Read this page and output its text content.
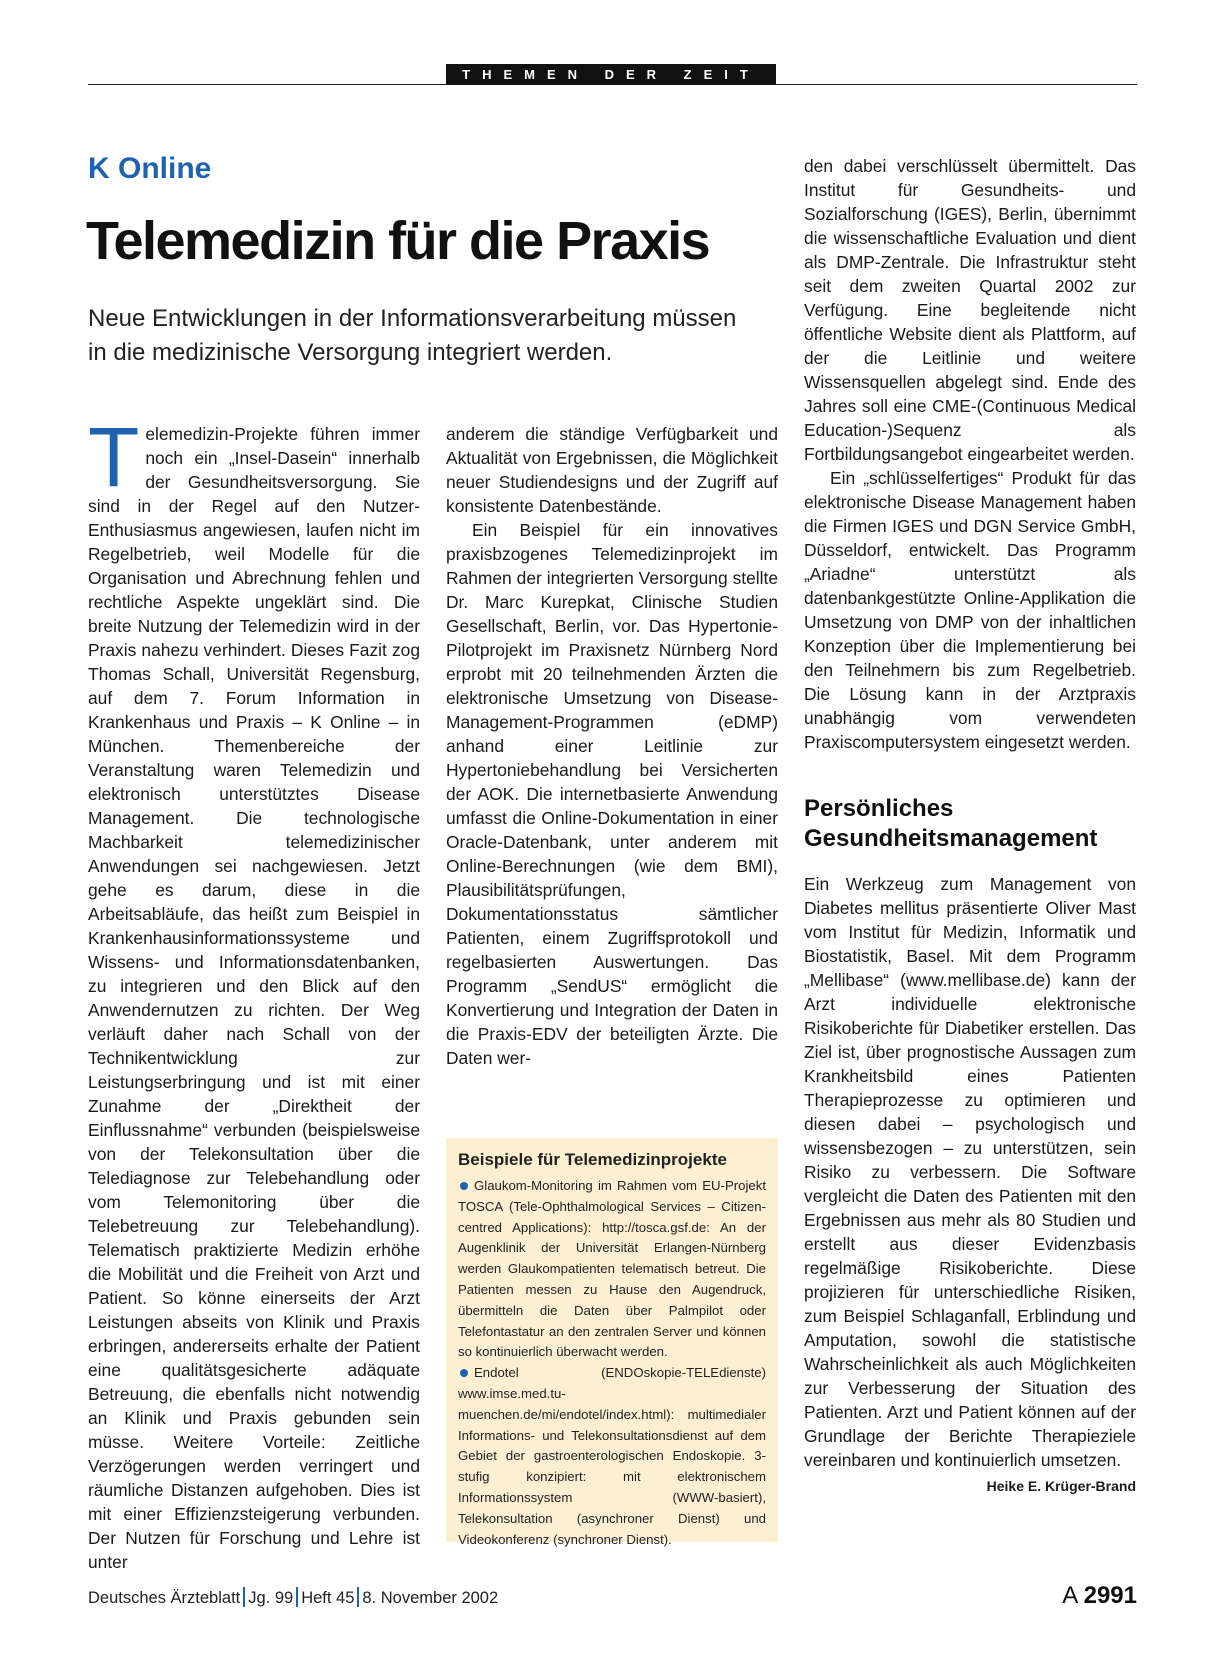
THEMEN DER ZEIT
K Online
Telemedizin für die Praxis
Neue Entwicklungen in der Informationsverarbeitung müssen in die medizinische Versorgung integriert werden.

Telemedizin-Projekte führen immer noch ein „Insel-Dasein“ innerhalb der Gesundheitsversorgung. Sie sind in der Regel auf den Nutzer-Enthusiasmus angewiesen, laufen nicht im Regelbetrieb, weil Modelle für die Organisation und Abrechnung fehlen und rechtliche Aspekte ungeklärt sind. Die breite Nutzung der Telemedizin wird in der Praxis nahezu verhindert. Dieses Fazit zog Thomas Schall, Universität Regensburg, auf dem 7. Forum Information in Krankenhaus und Praxis – K Online – in München. Themenbereiche der Veranstaltung waren Telemedizin und elektronisch unterstütztes Disease Management. Die technologische Machbarkeit telemedizinischer Anwendungen sei nachgewiesen. Jetzt gehe es darum, diese in die Arbeitsabläufe, das heißt zum Beispiel in Krankenhausinformationssysteme und Wissens- und Informationsdatenbanken, zu integrieren und den Blick auf den Anwendernutzen zu richten. Der Weg verläuft daher nach Schall von der Technikentwicklung zur Leistungserbringung und ist mit einer Zunahme der „Direktheit der Einflussnahme“ verbunden (beispielsweise von der Telekonsultation über die Telediagnose zur Telebehandlung oder vom Telemonitoring über die Telebetreuung zur Telebehandlung). Telematisch praktizierte Medizin erhöhe die Mobilität und die Freiheit von Arzt und Patient. So könne einerseits der Arzt Leistungen abseits von Klinik und Praxis erbringen, andererseits erhalte der Patient eine qualitätsgesicherte adäquate Betreuung, die ebenfalls nicht notwendig an Klinik und Praxis gebunden sein müsse. Weitere Vorteile: Zeitliche Verzögerungen werden verringert und räumliche Distanzen aufgehoben. Dies ist mit einer Effizienzsteigerung verbunden. Der Nutzen für Forschung und Lehre ist unter

anderem die ständige Verfügbarkeit und Aktualität von Ergebnissen, die Möglichkeit neuer Studiendesigns und der Zugriff auf konsistente Datenbestände.

Ein Beispiel für ein innovatives praxisbzogenes Telemedizinprojekt im Rahmen der integrierten Versorgung stellte Dr. Marc Kurepkat, Clinische Studien Gesellschaft, Berlin, vor. Das Hypertonie-Pilotprojekt im Praxisnetz Nürnberg Nord erprobt mit 20 teilnehmenden Ärzten die elektronische Umsetzung von Disease-Management-Programmen (eDMP) anhand einer Leitlinie zur Hypertoniebehandlung bei Versicherten der AOK. Die internetbasierte Anwendung umfasst die Online-Dokumentation in einer Oracle-Datenbank, unter anderem mit Online-Berechnungen (wie dem BMI), Plausibilitätsprüfungen, Dokumentationsstatus sämtlicher Patienten, einem Zugriffsprotokoll und regelbasierten Auswertungen. Das Programm „SendUS“ ermöglicht die Konvertierung und Integration der Daten in die Praxis-EDV der beteiligten Ärzte. Die Daten wer-

Beispiele für Telemedizinprojekte

Glaukom-Monitoring im Rahmen vom EU-Projekt TOSCA (Tele-Ophthalmological Services – Citizen-centred Applications): http://tosca.gsf.de: An der Augenklinik der Universität Erlangen-Nürnberg werden Glaukompatienten telematisch betreut. Die Patienten messen zu Hause den Augendruck, übermitteln die Daten über Palmpilot oder Telefontastatur an den zentralen Server und können so kontinuierlich überwacht werden.

Endotel (ENDOskopie-TELEdienste) www.imse.med.tu-muenchen.de/mi/endotel/index.html): multimedialer Informations- und Telekonsultationsdienst auf dem Gebiet der gastroenterologischen Endoskopie. 3-stufig konzipiert: mit elektronischem Informationssystem (WWW-basiert), Telekonsultation (asynchroner Dienst) und Videokonferenz (synchroner Dienst).

den dabei verschlüsselt übermittelt. Das Institut für Gesundheits- und Sozialforschung (IGES), Berlin, übernimmt die wissenschaftliche Evaluation und dient als DMP-Zentrale. Die Infrastruktur steht seit dem zweiten Quartal 2002 zur Verfügung. Eine begleitende nicht öffentliche Website dient als Plattform, auf der die Leitlinie und weitere Wissensquellen abgelegt sind. Ende des Jahres soll eine CME-(Continuous Medical Education-)Sequenz als Fortbildungsangebot eingearbeitet werden.

Ein „schlüsselfertiges“ Produkt für das elektronische Disease Management haben die Firmen IGES und DGN Service GmbH, Düsseldorf, entwickelt. Das Programm „Ariadne“ unterstützt als datenbankgestützte Online-Applikation die Umsetzung von DMP von der inhaltlichen Konzeption über die Implementierung bei den Teilnehmern bis zum Regelbetrieb. Die Lösung kann in der Arztpraxis unabhängig vom verwendeten Praxiscomputersystem eingesetzt werden.

Persönliches Gesundheitsmanagement

Ein Werkzeug zum Management von Diabetes mellitus präsentierte Oliver Mast vom Institut für Medizin, Informatik und Biostatistik, Basel. Mit dem Programm „Mellibase“ (www.mellibase.de) kann der Arzt individuelle elektronische Risikoberichte für Diabetiker erstellen. Das Ziel ist, über prognostische Aussagen zum Krankheitsbild eines Patienten Therapieprozesse zu optimieren und diesen dabei – psychologisch und wissensbezogen – zu unterstützen, sein Risiko zu verbessern. Die Software vergleicht die Daten des Patienten mit den Ergebnissen aus mehr als 80 Studien und erstellt aus dieser Evidenzbasis regelmäßige Risikoberichte. Diese projizieren für unterschiedliche Risiken, zum Beispiel Schlaganfall, Erblindung und Amputation, sowohl die statistische Wahrscheinlichkeit als auch Möglichkeiten zur Verbesserung der Situation des Patienten. Arzt und Patient können auf der Grundlage der Berichte Therapieziele vereinbaren und kontinuierlich umsetzen.
Heike E. Krüger-Brand

Deutsches Ärzteblatt Jg. 99 Heft 45 8. November 2002	A 2991
